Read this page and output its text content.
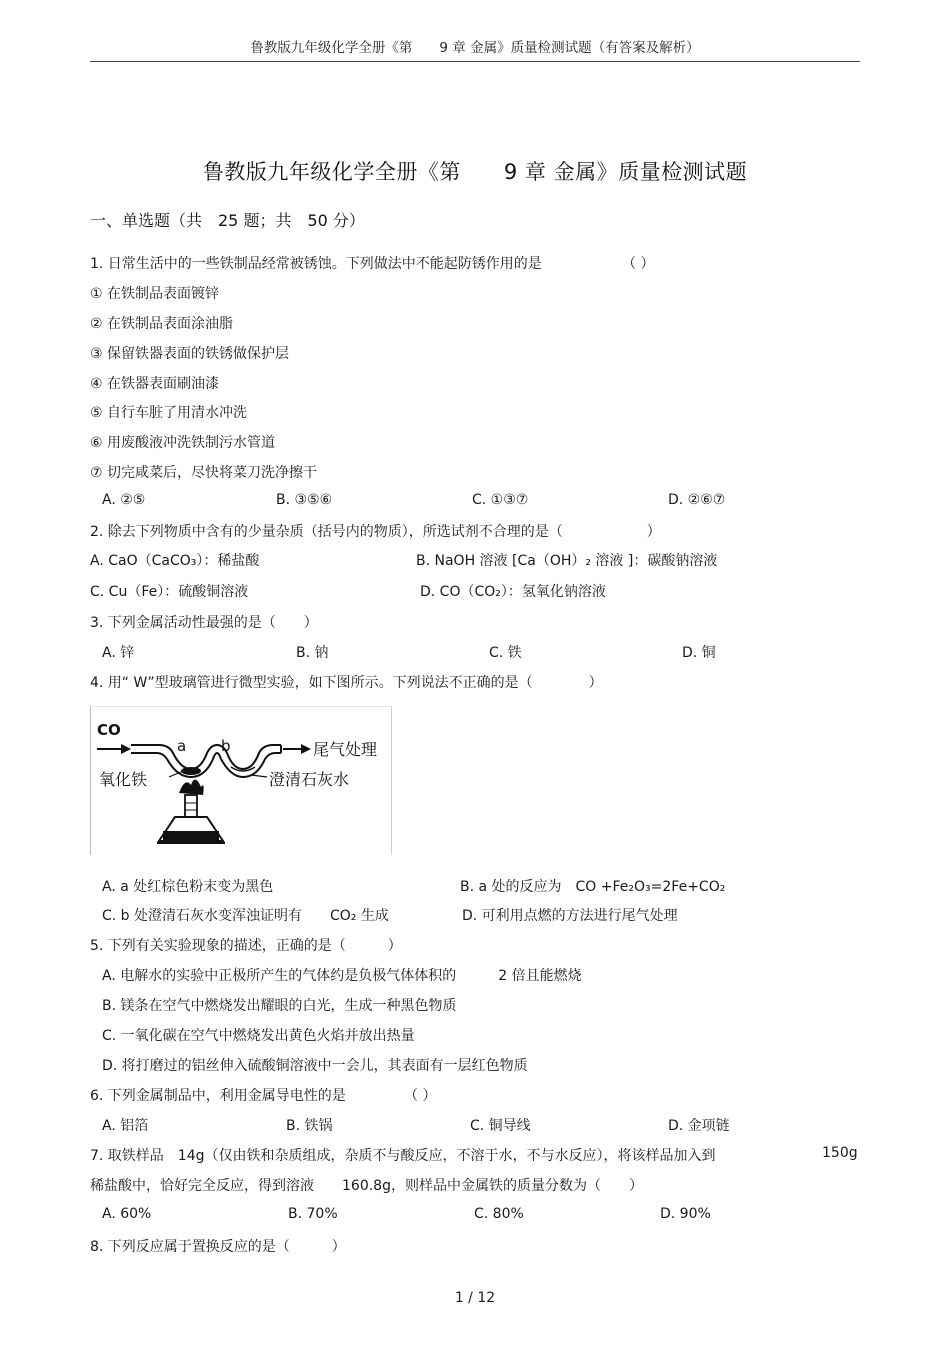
鲁教版九年级化学全册《第　　9 章 金属》质量检测试题（有答案及解析）
鲁教版九年级化学全册《第　　9 章 金属》质量检测试题
一、单选题（共　25 题；共　50 分）
1. 日常生活中的一些铁制品经常被锈蚀。下列做法中不能起防锈作用的是	（ ）
① 在铁制品表面镀锌
② 在铁制品表面涂油脂
③ 保留铁器表面的铁锈做保护层
④ 在铁器表面刷油漆
⑤ 自行车脏了用清水冲洗
⑥ 用废酸液冲洗铁制污水管道
⑦ 切完咸菜后，尽快将菜刀洗净擦干
A. ②⑤	B. ③⑤⑥	C. ①③⑦	D. ②⑥⑦
2. 除去下列物质中含有的少量杂质（括号内的物质），所选试剂不合理的是（　　　　　　）
A. CaO（CaCO₃）：稀盐酸	B. NaOH 溶液 [Ca（OH）₂ 溶液 ]：碳酸钠溶液
C. Cu（Fe）：硫酸铜溶液	D. CO（CO₂）：氢氧化钠溶液
3. 下列金属活动性最强的是（　　）
A. 锌	B. 钠	C. 铁	D. 铜
4. 用“ W”型玻璃管进行微型实验，如下图所示。下列说法不正确的是（　　　　）
CO
a b	尾气处理
氧化铁	澄清石灰水
A. a 处红棕色粉末变为黑色	B. a 处的反应为　CO +Fe₂O₃=2Fe+CO₂
C. b 处澄清石灰水变浑浊证明有　　CO₂ 生成	D. 可利用点燃的方法进行尾气处理
5. 下列有关实验现象的描述，正确的是（　　　）
A. 电解水的实验中正极所产生的气体约是负极气体体积的　　　2 倍且能燃烧
B. 镁条在空气中燃烧发出耀眼的白光，生成一种黑色物质
C. 一氧化碳在空气中燃烧发出黄色火焰并放出热量
D. 将打磨过的铝丝伸入硫酸铜溶液中一会儿，其表面有一层红色物质
6. 下列金属制品中，利用金属导电性的是	（ ）
A. 铝箔	B. 铁锅	C. 铜导线	D. 金项链
7. 取铁样品　14g（仅由铁和杂质组成，杂质不与酸反应，不溶于水，不与水反应），将该样品加入到	150g
稀盐酸中，恰好完全反应，得到溶液　　160.8g，则样品中金属铁的质量分数为（　　）
A. 60%	B. 70%	C. 80%	D. 90%
8. 下列反应属于置换反应的是（　　　）
1 / 12
